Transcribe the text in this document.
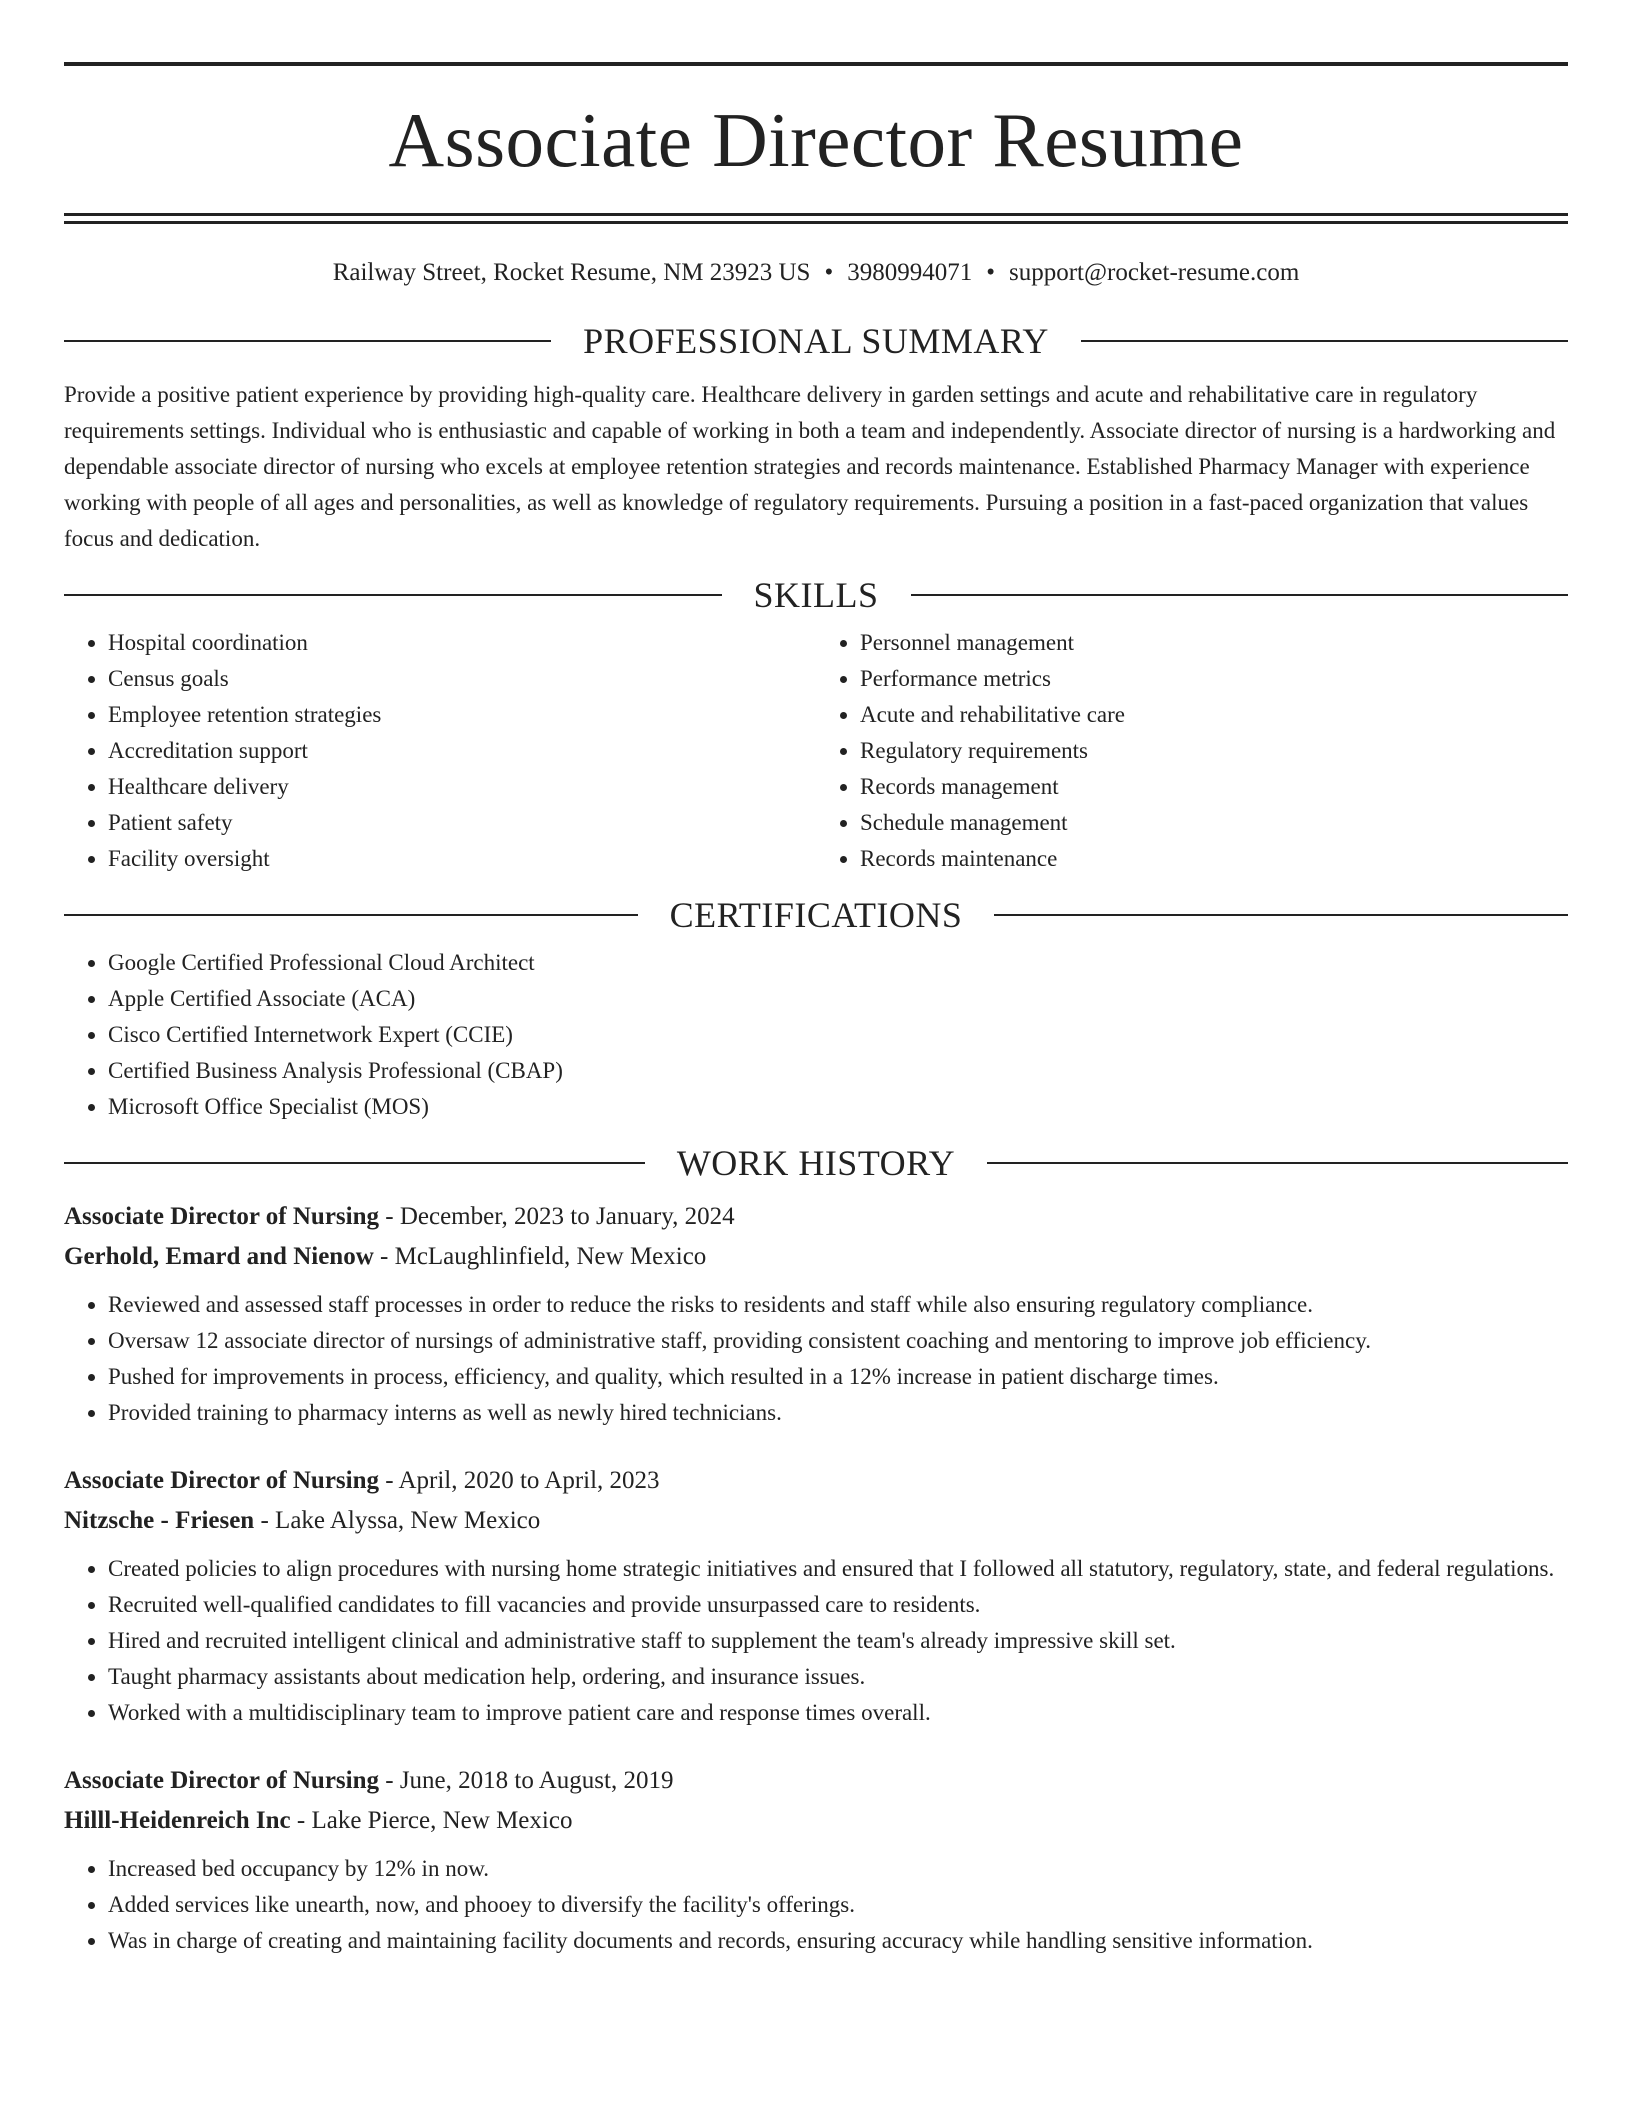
Associate Director Resume
Railway Street, Rocket Resume, NM 23923 US • 3980994071 • support@rocket-resume.com
PROFESSIONAL SUMMARY

Provide a positive patient experience by providing high-quality care. Healthcare delivery in garden settings and acute and rehabilitative care in regulatory requirements settings. Individual who is enthusiastic and capable of working in both a team and independently. Associate director of nursing is a hardworking and dependable associate director of nursing who excels at employee retention strategies and records maintenance. Established Pharmacy Manager with experience working with people of all ages and personalities, as well as knowledge of regulatory requirements. Pursuing a position in a fast-paced organization that values focus and dedication.

SKILLS
• Hospital coordination
• Census goals
• Employee retention strategies
• Accreditation support
• Healthcare delivery
• Patient safety
• Facility oversight
• Personnel management
• Performance metrics
• Acute and rehabilitative care
• Regulatory requirements
• Records management
• Schedule management
• Records maintenance
CERTIFICATIONS
• Google Certified Professional Cloud Architect
• Apple Certified Associate (ACA)
• Cisco Certified Internetwork Expert (CCIE)
• Certified Business Analysis Professional (CBAP)
• Microsoft Office Specialist (MOS)
WORK HISTORY
Associate Director of Nursing - December, 2023 to January, 2024
Gerhold, Emard and Nienow - McLaughlinfield, New Mexico
• Reviewed and assessed staff processes in order to reduce the risks to residents and staff while also ensuring regulatory compliance.
• Oversaw 12 associate director of nursings of administrative staff, providing consistent coaching and mentoring to improve job efficiency.
• Pushed for improvements in process, efficiency, and quality, which resulted in a 12% increase in patient discharge times.
• Provided training to pharmacy interns as well as newly hired technicians.
Associate Director of Nursing - April, 2020 to April, 2023
Nitzsche - Friesen - Lake Alyssa, New Mexico
• Created policies to align procedures with nursing home strategic initiatives and ensured that I followed all statutory, regulatory, state, and federal regulations.
• Recruited well-qualified candidates to fill vacancies and provide unsurpassed care to residents.
• Hired and recruited intelligent clinical and administrative staff to supplement the team's already impressive skill set.
• Taught pharmacy assistants about medication help, ordering, and insurance issues.
• Worked with a multidisciplinary team to improve patient care and response times overall.
Associate Director of Nursing - June, 2018 to August, 2019
Hilll-Heidenreich Inc - Lake Pierce, New Mexico
• Increased bed occupancy by 12% in now.
• Added services like unearth, now, and phooey to diversify the facility's offerings.
• Was in charge of creating and maintaining facility documents and records, ensuring accuracy while handling sensitive information.
